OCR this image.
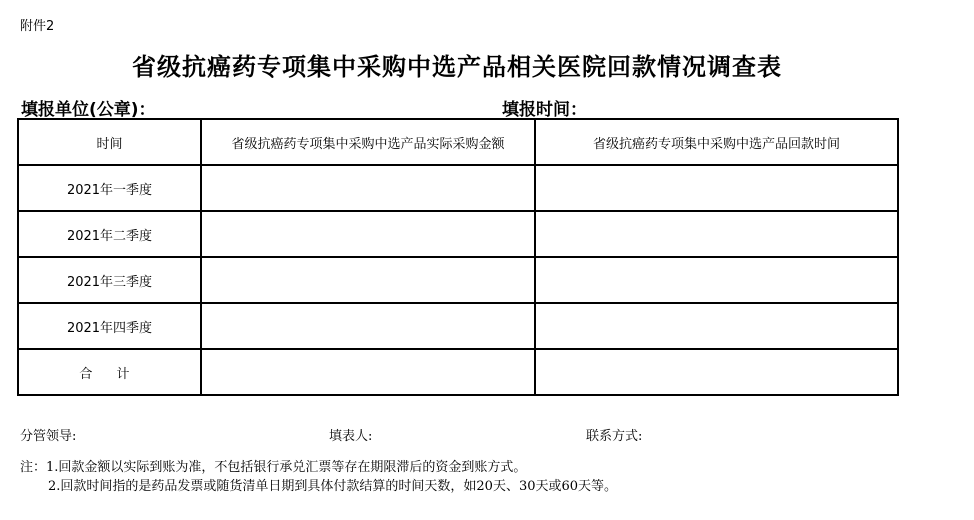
附件2
省级抗癌药专项集中采购中选产品相关医院回款情况调查表
填报单位(公章)：	填报时间：
时间	省级抗癌药专项集中采购中选产品实际采购金额	省级抗癌药专项集中采购中选产品回款时间
2021年一季度		
2021年二季度		
2021年三季度		
2021年四季度		
合 计		
分管领导:	填表人:	联系方式:
注：1.回款金额以实际到账为准，不包括银行承兑汇票等存在期限滞后的资金到账方式。
2.回款时间指的是药品发票或随货清单日期到具体付款结算的时间天数，如20天、30天或60天等。
